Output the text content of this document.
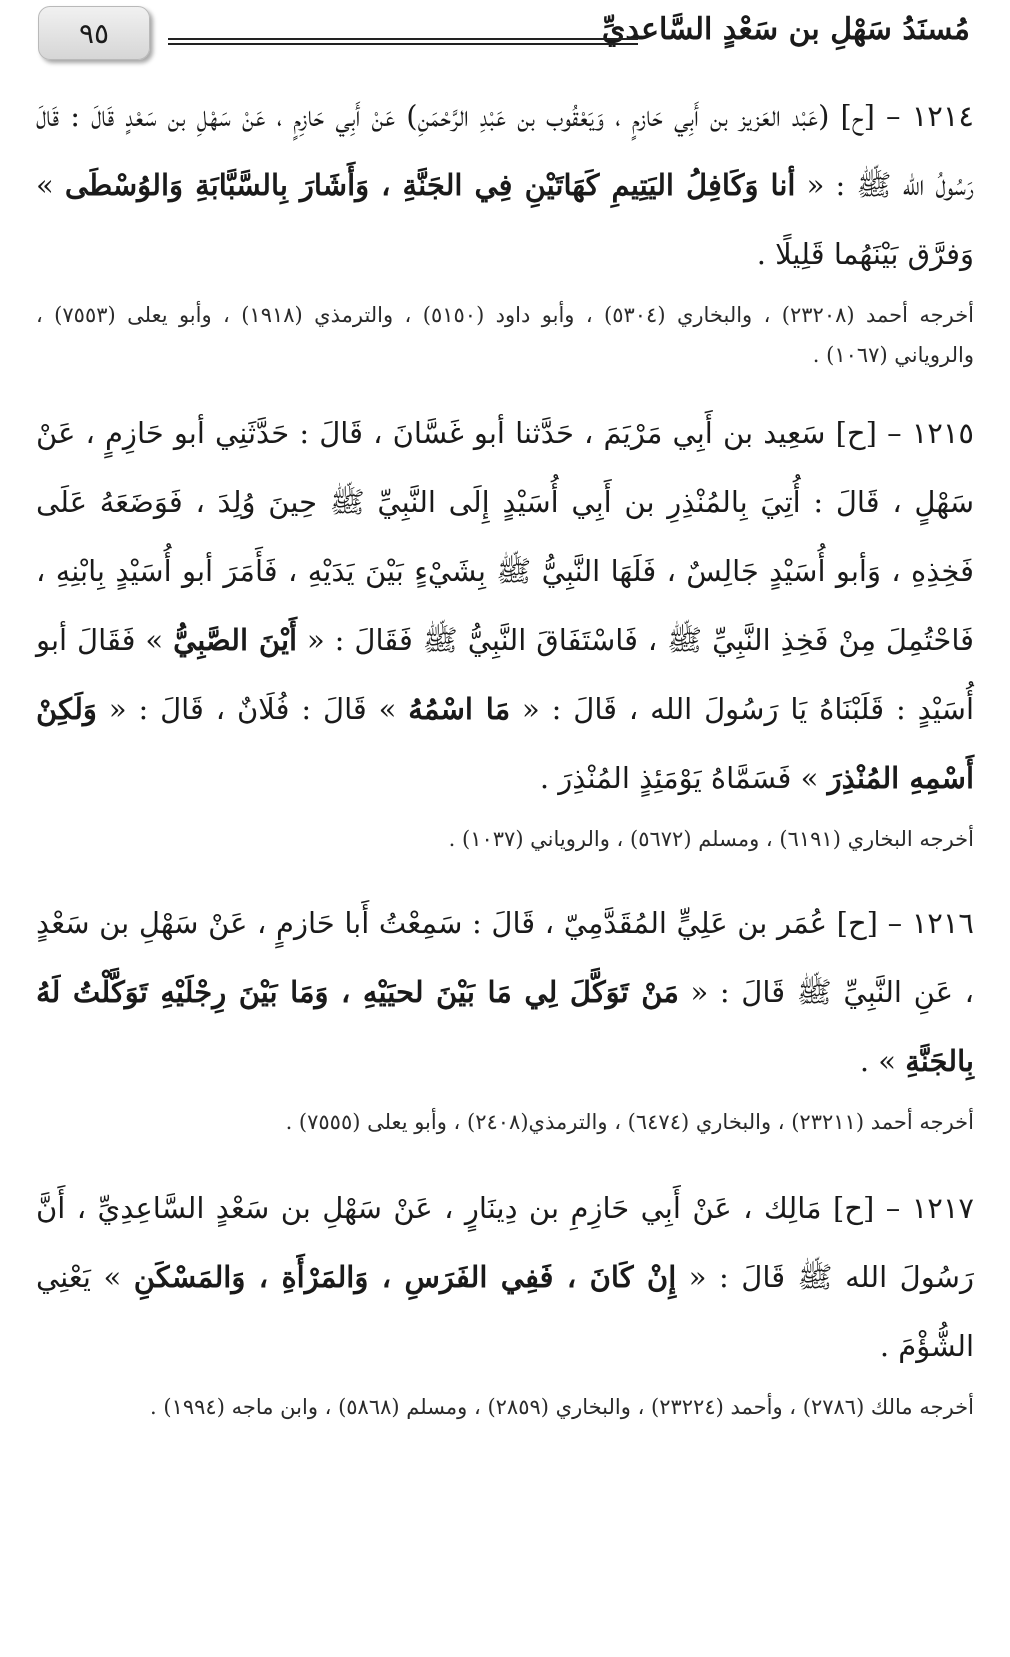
٩٥	مُسنَدُ سَهْلِ بن سَعْدٍ السَّاعديِّ

١٢١٤ – [ح] (عَبْد العَزيز بن أَبِي حَازمٍ ، وَيَعْقُوب بن عَبْدِ الرَّحْمَنِ) عَنْ أَبِي حَازِمٍ ، عَنْ سَهْلِ بن سَعْدٍ قَالَ : قَالَ رَسُولُ الله ﷺ : « أنا وَكَافِلُ اليَتِيمِ كَهَاتَيْنِ فِي الجَنَّةِ ، وَأَشَارَ بِالسَّبَّابَةِ وَالوُسْطَى » وَفرَّق بَيْنَهُما قَلِيلًا .

أخرجه أحمد (٢٣٢٠٨) ، والبخاري (٥٣٠٤) ، وأبو داود (٥١٥٠) ، والترمذي (١٩١٨) ، وأبو يعلى (٧٥٥٣) ، والروياني (١٠٦٧) .

١٢١٥ – [ح] سَعِيد بن أَبِي مَرْيَمَ ، حَدَّثنا أبو غَسَّانَ ، قَالَ : حَدَّثَنِي أبو حَازِمٍ ، عَنْ سَهْلٍ ، قَالَ : أُتِيَ بِالمُنْذِرِ بن أَبِي أُسَيْدٍ إِلَى النَّبِيِّ ﷺ حِينَ وُلِدَ ، فَوَضَعَهُ عَلَى فَخِذِهِ ، وَأبو أُسَيْدٍ جَالِسٌ ، فَلَهَا النَّبِيُّ ﷺ بِشَيْءٍ بَيْنَ يَدَيْهِ ، فَأَمَرَ أبو أُسَيْدٍ بِابْنِهِ ، فَاحْتُمِلَ مِنْ فَخِذِ النَّبِيِّ ﷺ ، فَاسْتَفَاقَ النَّبِيُّ ﷺ فَقَالَ : « أَيْنَ الصَّبِيُّ » فَقَالَ أبو أُسَيْدٍ : قَلَبْنَاهُ يَا رَسُولَ الله ، قَالَ : « مَا اسْمُهُ » قَالَ : فُلَانٌ ، قَالَ : « وَلَكِنْ أَسْمِهِ المُنْذِرَ » فَسَمَّاهُ يَوْمَئِذٍ المُنْذِرَ .

أخرجه البخاري (٦١٩١) ، ومسلم (٥٦٧٢) ، والروياني (١٠٣٧) .

١٢١٦ – [ح] عُمَر بن عَلِيٍّ المُقَدَّمِيّ ، قَالَ : سَمِعْتُ أَبا حَازمٍ ، عَنْ سَهْلِ بن سَعْدٍ ، عَنِ النَّبِيِّ ﷺ قَالَ : « مَنْ تَوَكَّلَ لِي مَا بَيْنَ لحيَيْهِ ، وَمَا بَيْنَ رِجْلَيْهِ تَوَكَّلْتُ لَهُ بِالجَنَّةِ » .

أخرجه أحمد (٢٣٢١١) ، والبخاري (٦٤٧٤) ، والترمذي(٢٤٠٨) ، وأبو يعلى (٧٥٥٥) .

١٢١٧ – [ح] مَالِك ، عَنْ أَبِي حَازِمِ بن دِينَارٍ ، عَنْ سَهْلِ بن سَعْدٍ السَّاعِدِيِّ ، أَنَّ رَسُولَ الله ﷺ قَالَ : « إِنْ كَانَ ، فَفِي الفَرَسِ ، وَالمَرْأَةِ ، وَالمَسْكَنِ » يَعْنِي الشُّؤْمَ .

أخرجه مالك (٢٧٨٦) ، وأحمد (٢٣٢٢٤) ، والبخاري (٢٨٥٩) ، ومسلم (٥٨٦٨) ، وابن ماجه (١٩٩٤) .
